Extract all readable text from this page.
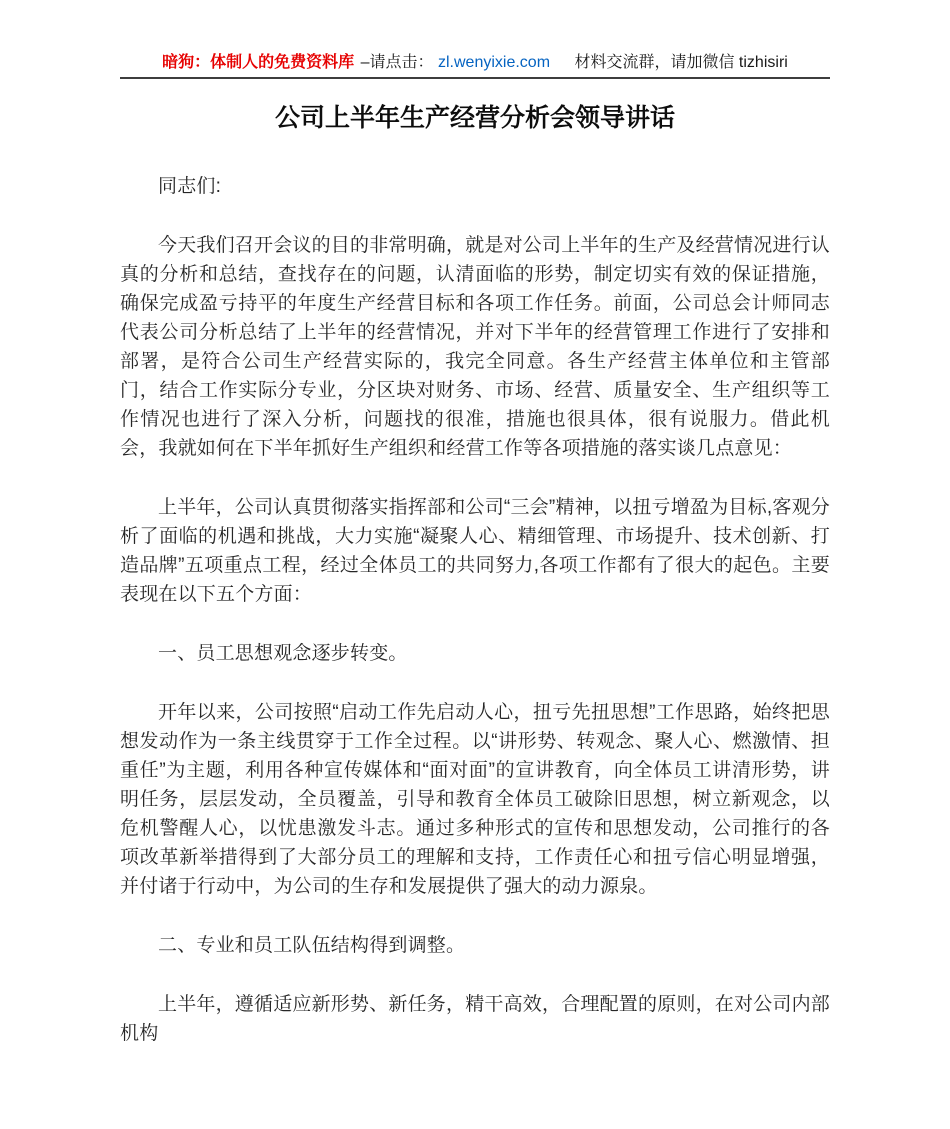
暗狗：体制人的免费资料库 –请点击： zl.wenyixie.com 材料交流群，请加微信 tizhisiri
公司上半年生产经营分析会领导讲话

同志们:

今天我们召开会议的目的非常明确，就是对公司上半年的生产及经营情况进行认真的分析和总结，查找存在的问题，认清面临的形势，制定切实有效的保证措施，确保完成盈亏持平的年度生产经营目标和各项工作任务。前面，公司总会计师同志代表公司分析总结了上半年的经营情况，并对下半年的经营管理工作进行了安排和部署，是符合公司生产经营实际的，我完全同意。各生产经营主体单位和主管部门，结合工作实际分专业，分区块对财务、市场、经营、质量安全、生产组织等工作情况也进行了深入分析，问题找的很准，措施也很具体，很有说服力。借此机会，我就如何在下半年抓好生产组织和经营工作等各项措施的落实谈几点意见：

上半年，公司认真贯彻落实指挥部和公司“三会”精神，以扭亏增盈为目标,客观分析了面临的机遇和挑战，大力实施“凝聚人心、精细管理、市场提升、技术创新、打造品牌”五项重点工程，经过全体员工的共同努力,各项工作都有了很大的起色。主要表现在以下五个方面：

一、员工思想观念逐步转变。

开年以来，公司按照“启动工作先启动人心，扭亏先扭思想”工作思路，始终把思想发动作为一条主线贯穿于工作全过程。以“讲形势、转观念、聚人心、燃激情、担重任”为主题，利用各种宣传媒体和“面对面”的宣讲教育，向全体员工讲清形势，讲明任务，层层发动，全员覆盖，引导和教育全体员工破除旧思想，树立新观念，以危机警醒人心，以忧患激发斗志。通过多种形式的宣传和思想发动，公司推行的各项改革新举措得到了大部分员工的理解和支持，工作责任心和扭亏信心明显增强，并付诸于行动中，为公司的生存和发展提供了强大的动力源泉。

二、专业和员工队伍结构得到调整。

上半年，遵循适应新形势、新任务，精干高效，合理配置的原则，在对公司内部机构
